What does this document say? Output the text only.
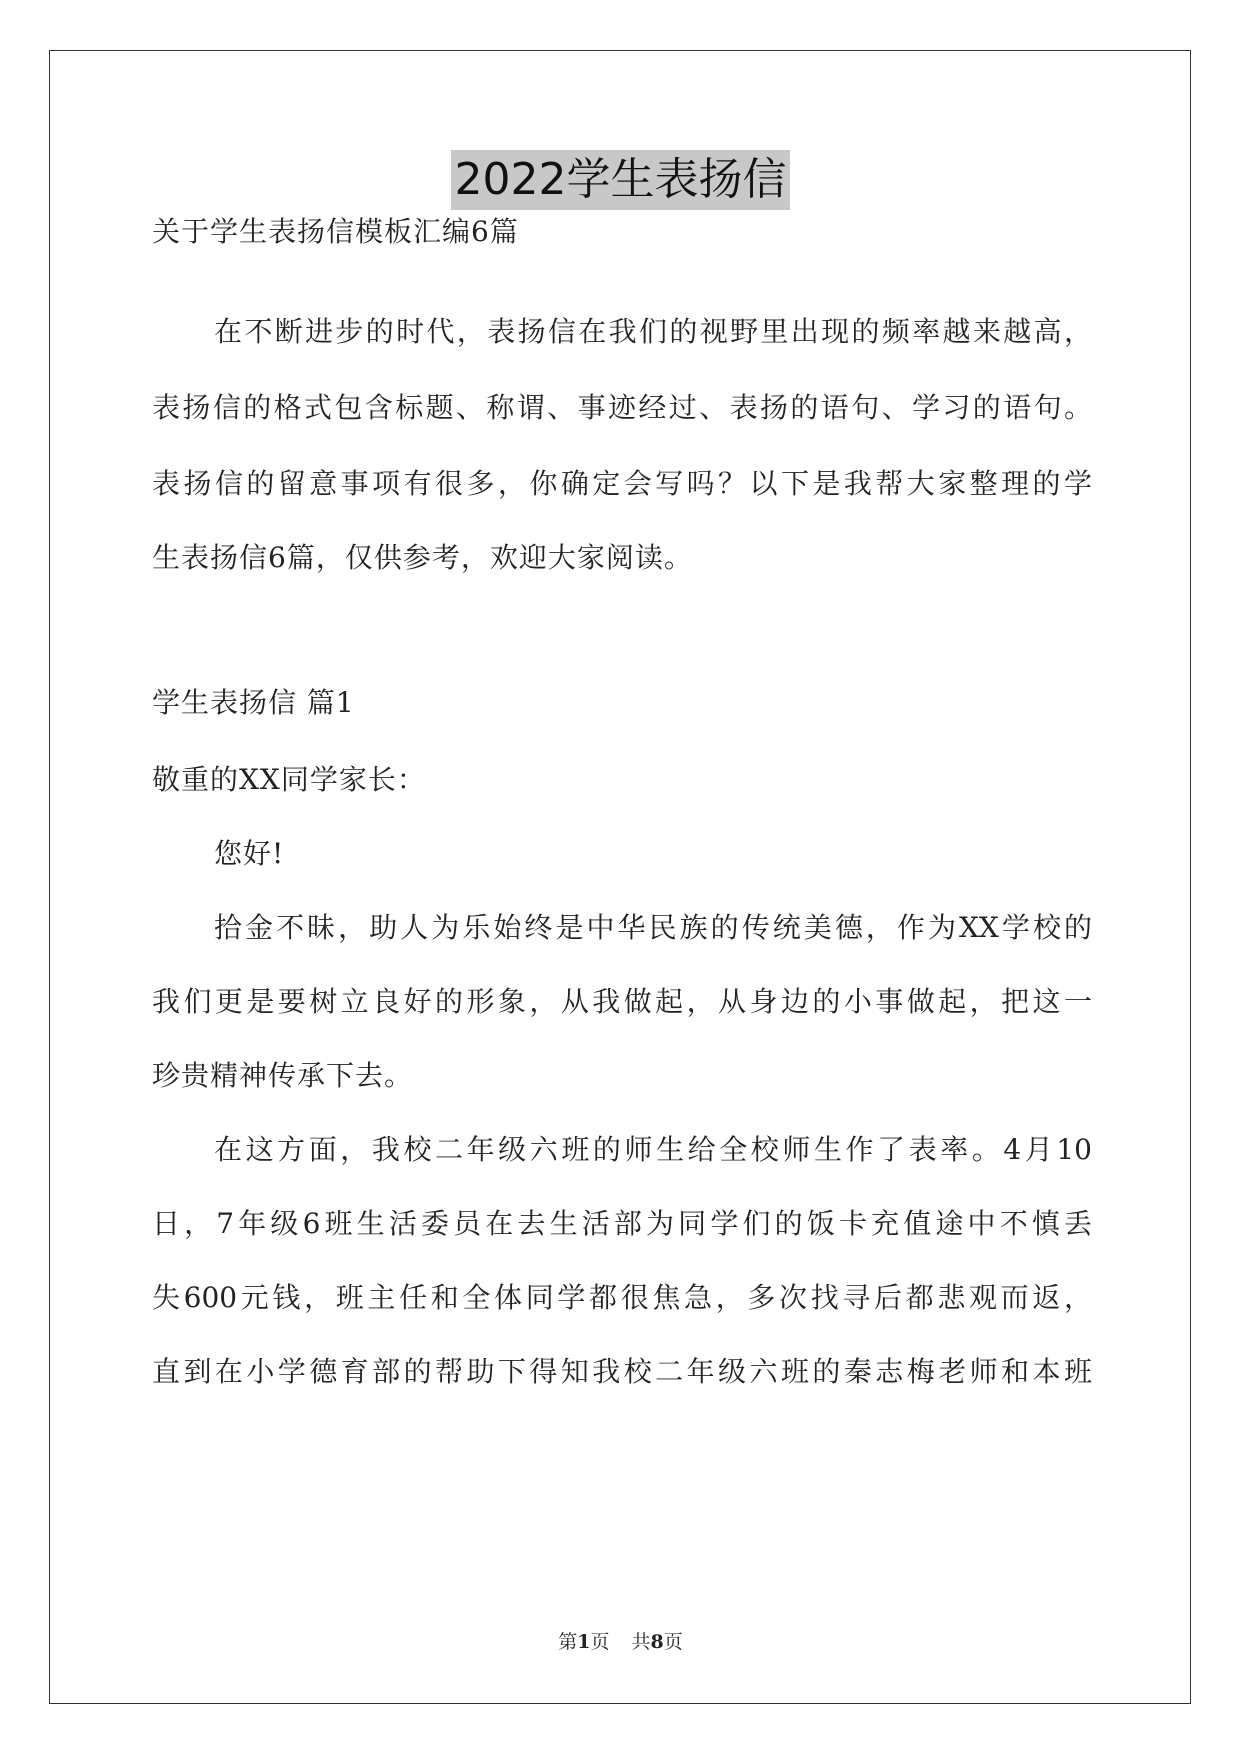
2022学生表扬信
关于学生表扬信模板汇编6篇
在不断进步的时代，表扬信在我们的视野里出现的频率越来越高，
表扬信的格式包含标题、称谓、事迹经过、表扬的语句、学习的语句。
表扬信的留意事项有很多，你确定会写吗？以下是我帮大家整理的学
生表扬信6篇，仅供参考，欢迎大家阅读。
学生表扬信 篇1
敬重的XX同学家长：
您好!
拾金不昧，助人为乐始终是中华民族的传统美德，作为XX学校的
我们更是要树立良好的形象，从我做起，从身边的小事做起，把这一
珍贵精神传承下去。
在这方面，我校二年级六班的师生给全校师生作了表率。4月10
日，7年级6班生活委员在去生活部为同学们的饭卡充值途中不慎丢
失600元钱，班主任和全体同学都很焦急，多次找寻后都悲观而返，
直到在小学德育部的帮助下得知我校二年级六班的秦志梅老师和本班
第1页 共8页
